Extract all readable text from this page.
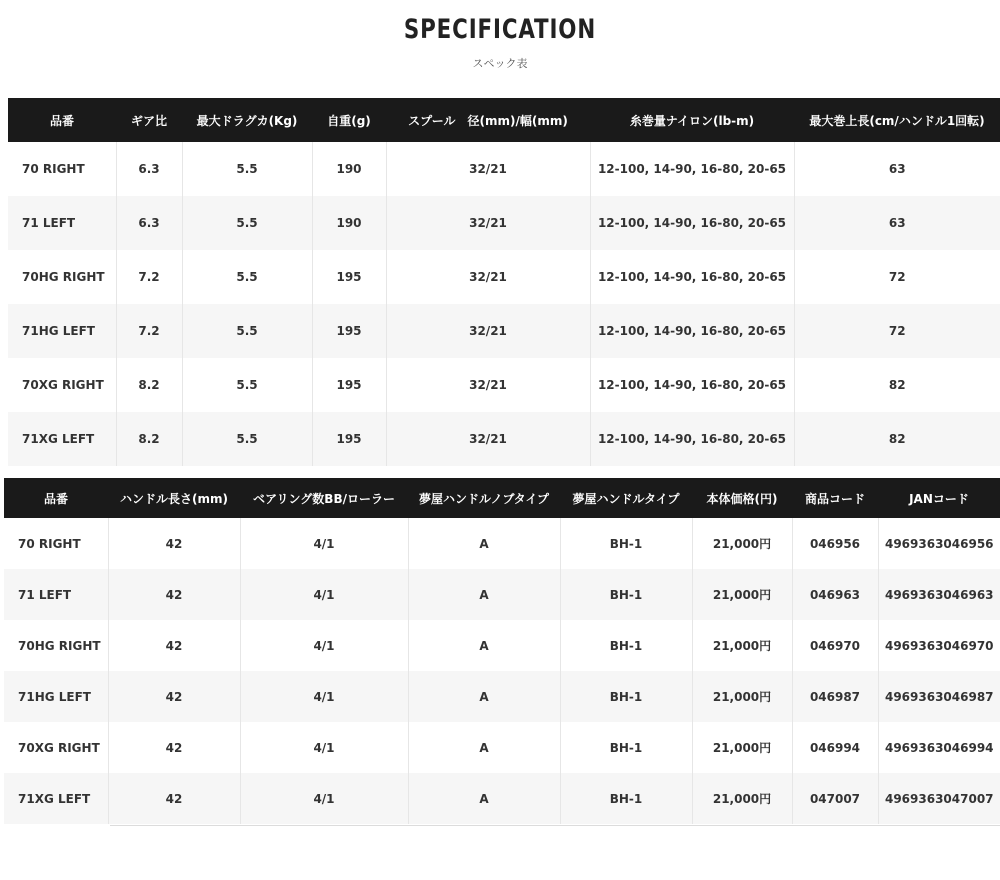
SPECIFICATION
スペック表
品番	ギア比	最大ドラグカ(Kg)	自重(g)	スプール　径(mm)/幅(mm)	糸巻量ナイロン(lb-m)	最大巻上長(cm/ハンドル1回転)
70 RIGHT	6.3	5.5	190	32/21	12-100, 14-90, 16-80, 20-65	63
71 LEFT	6.3	5.5	190	32/21	12-100, 14-90, 16-80, 20-65	63
70HG RIGHT	7.2	5.5	195	32/21	12-100, 14-90, 16-80, 20-65	72
71HG LEFT	7.2	5.5	195	32/21	12-100, 14-90, 16-80, 20-65	72
70XG RIGHT	8.2	5.5	195	32/21	12-100, 14-90, 16-80, 20-65	82
71XG LEFT	8.2	5.5	195	32/21	12-100, 14-90, 16-80, 20-65	82
品番	ハンドル長さ(mm)	ベアリング数BB/ローラー	夢屋ハンドルノブタイプ	夢屋ハンドルタイプ	本体価格(円)	商品コード	JANコード
70 RIGHT	42	4/1	A	BH-1	21,000円	046956	4969363046956
71 LEFT	42	4/1	A	BH-1	21,000円	046963	4969363046963
70HG RIGHT	42	4/1	A	BH-1	21,000円	046970	4969363046970
71HG LEFT	42	4/1	A	BH-1	21,000円	046987	4969363046987
70XG RIGHT	42	4/1	A	BH-1	21,000円	046994	4969363046994
71XG LEFT	42	4/1	A	BH-1	21,000円	047007	4969363047007
